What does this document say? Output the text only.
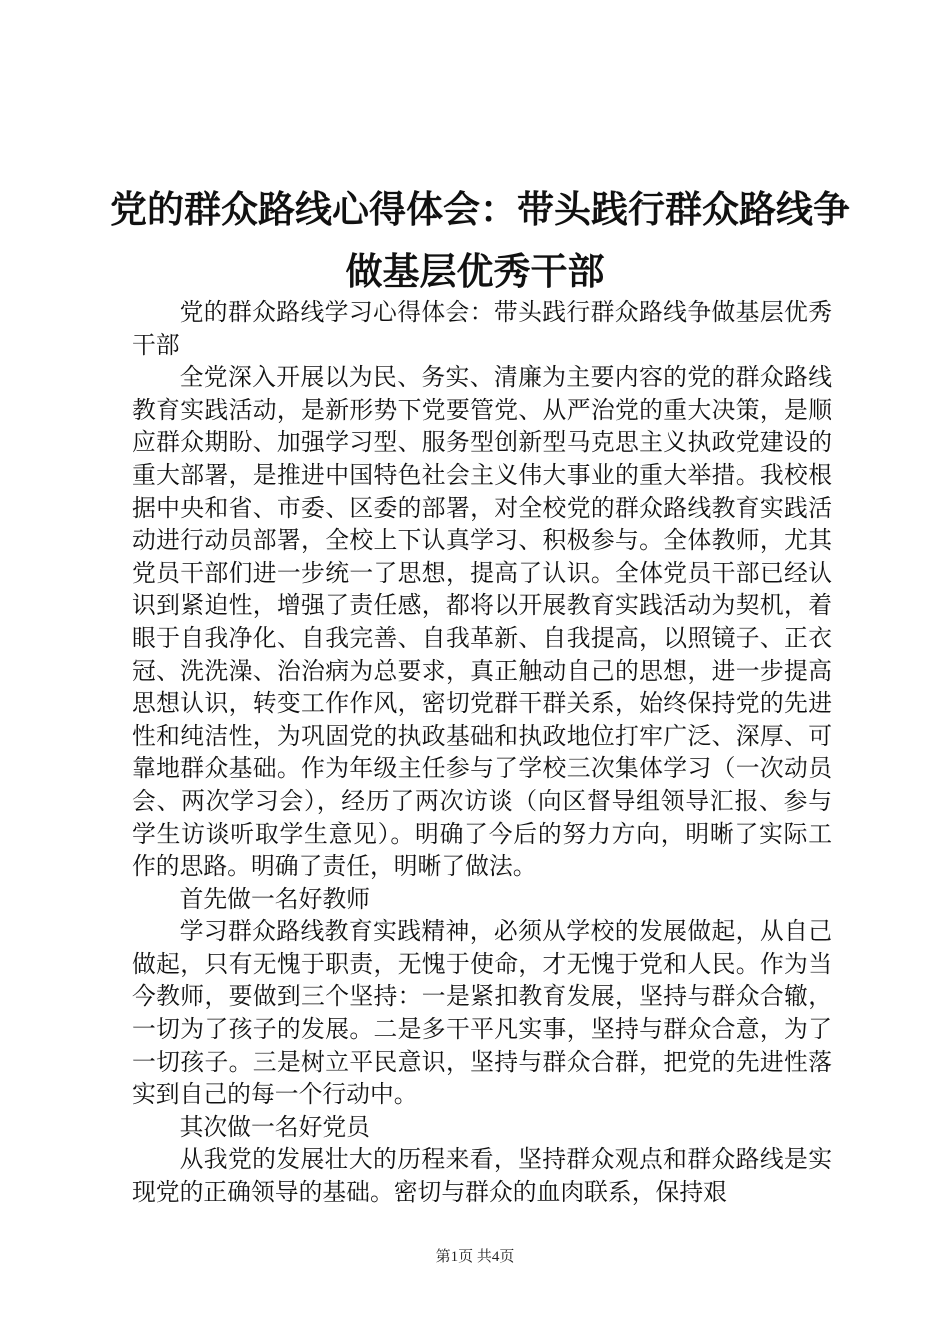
党的群众路线心得体会：带头践行群众路线争
做基层优秀干部

党的群众路线学习心得体会：带头践行群众路线争做基层优秀干部

全党深入开展以为民、务实、清廉为主要内容的党的群众路线教育实践活动，是新形势下党要管党、从严治党的重大决策，是顺应群众期盼、加强学习型、服务型创新型马克思主义执政党建设的重大部署，是推进中国特色社会主义伟大事业的重大举措。我校根据中央和省、市委、区委的部署，对全校党的群众路线教育实践活动进行动员部署，全校上下认真学习、积极参与。全体教师，尤其党员干部们进一步统一了思想，提高了认识。全体党员干部已经认识到紧迫性，增强了责任感，都将以开展教育实践活动为契机，着眼于自我净化、自我完善、自我革新、自我提高，以照镜子、正衣冠、洗洗澡、治治病为总要求，真正触动自己的思想，进一步提高思想认识，转变工作作风，密切党群干群关系，始终保持党的先进性和纯洁性，为巩固党的执政基础和执政地位打牢广泛、深厚、可靠地群众基础。作为年级主任参与了学校三次集体学习（一次动员会、两次学习会），经历了两次访谈（向区督导组领导汇报、参与学生访谈听取学生意见）。明确了今后的努力方向，明晰了实际工作的思路。明确了责任，明晰了做法。

首先做一名好教师

学习群众路线教育实践精神，必须从学校的发展做起，从自己做起，只有无愧于职责，无愧于使命，才无愧于党和人民。作为当今教师，要做到三个坚持：一是紧扣教育发展，坚持与群众合辙，一切为了孩子的发展。二是多干平凡实事，坚持与群众合意，为了一切孩子。三是树立平民意识，坚持与群众合群，把党的先进性落实到自己的每一个行动中。

其次做一名好党员

从我党的发展壮大的历程来看，坚持群众观点和群众路线是实现党的正确领导的基础。密切与群众的血肉联系，保持艰

第1页 共4页
